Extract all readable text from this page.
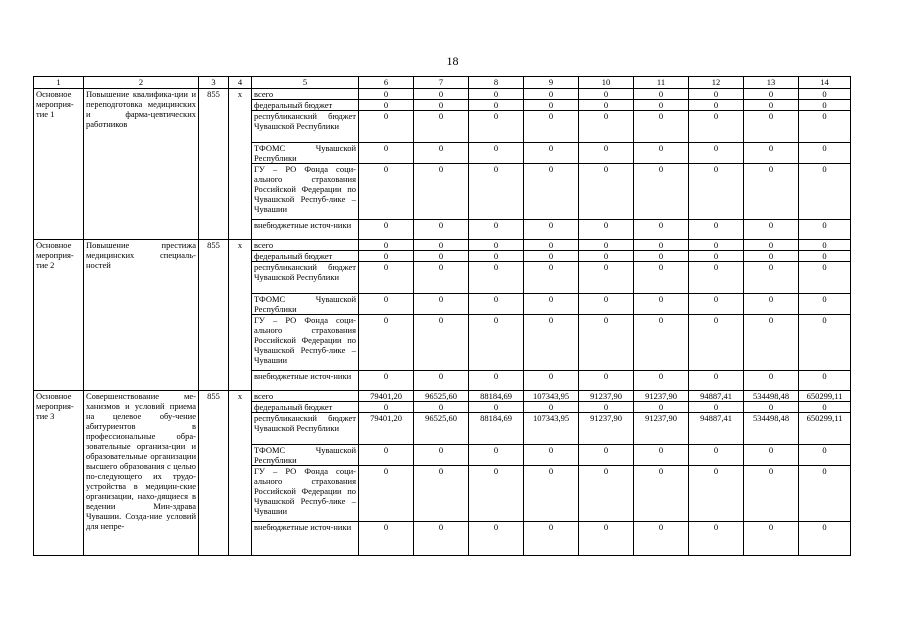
18
1	2	3	4	5	6	7	8	9	10	11	12	13	14
Основное мероприя-тие 1	Повышение квалифика-ции и переподготовка медицинских и фарма-цевтических работников	855	x	всего	0	0	0	0	0	0	0	0	0
				федеральный бюджет	0	0	0	0	0	0	0	0	0
				республиканский бюджет Чувашской Республики	0	0	0	0	0	0	0	0	0
				ТФОМС Чувашской Республики	0	0	0	0	0	0	0	0	0
				ГУ – РО Фонда соци-ального страхования Российской Федерации по Чувашской Респуб-лике – Чувашии	0	0	0	0	0	0	0	0	0
				внебюджетные источ-ники	0	0	0	0	0	0	0	0	0
Основное мероприя-тие 2	Повышение престижа медицинских специаль-ностей	855	x	всего	0	0	0	0	0	0	0	0	0
				федеральный бюджет	0	0	0	0	0	0	0	0	0
				республиканский бюджет Чувашской Республики	0	0	0	0	0	0	0	0	0
				ТФОМС Чувашской Республики	0	0	0	0	0	0	0	0	0
				ГУ – РО Фонда соци-ального страхования Российской Федерации по Чувашской Респуб-лике – Чувашии	0	0	0	0	0	0	0	0	0
				внебюджетные источ-ники	0	0	0	0	0	0	0	0	0
Основное мероприя-тие 3	Совершенствование ме-ханизмов и условий приема на целевое обу-чение абитуриентов в профессиональные обра-зовательные организа-ции и образовательные организации высшего образования с целью по-следующего их трудо-устройства в медицин-ские организации, нахо-дящиеся в ведении Мин-здрава Чувашии. Созда-ние условий для непре-	855	x	всего	79401,20	96525,60	88184,69	107343,95	91237,90	91237,90	94887,41	534498,48	650299,11
				федеральный бюджет	0	0	0	0	0	0	0	0	0
				республиканский бюджет Чувашской Республики	79401,20	96525,60	88184,69	107343,95	91237,90	91237,90	94887,41	534498,48	650299,11
				ТФОМС Чувашской Республики	0	0	0	0	0	0	0	0	0
				ГУ – РО Фонда соци-ального страхования Российской Федерации по Чувашской Респуб-лике – Чувашии	0	0	0	0	0	0	0	0	0
				внебюджетные источ-ники	0	0	0	0	0	0	0	0	0
